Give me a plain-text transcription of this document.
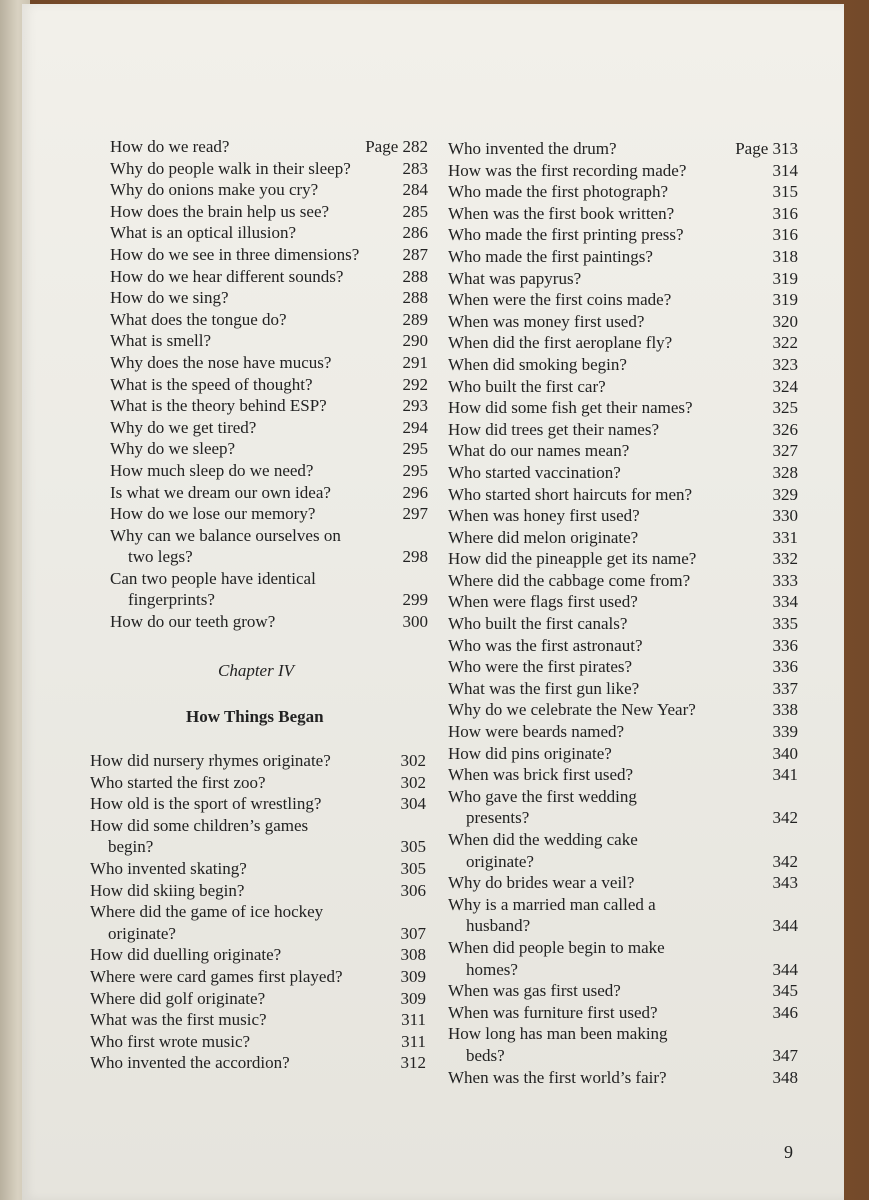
How do we read?	Page 282
Why do people walk in their sleep?	283
Why do onions make you cry?	284
How does the brain help us see?	285
What is an optical illusion?	286
How do we see in three dimensions?	287
How do we hear different sounds?	288
How do we sing?	288
What does the tongue do?	289
What is smell?	290
Why does the nose have mucus?	291
What is the speed of thought?	292
What is the theory behind ESP?	293
Why do we get tired?	294
Why do we sleep?	295
How much sleep do we need?	295
Is what we dream our own idea?	296
How do we lose our memory?	297
Why can we balance ourselves on
two legs?	298
Can two people have identical
fingerprints?	299
How do our teeth grow?	300
Chapter IV
How Things Began
How did nursery rhymes originate?	302
Who started the first zoo?	302
How old is the sport of wrestling?	304
How did some children’s games
begin?	305
Who invented skating?	305
How did skiing begin?	306
Where did the game of ice hockey
originate?	307
How did duelling originate?	308
Where were card games first played?	309
Where did golf originate?	309
What was the first music?	311
Who first wrote music?	311
Who invented the accordion?	312
Who invented the drum?	Page 313
How was the first recording made?	314
Who made the first photograph?	315
When was the first book written?	316
Who made the first printing press?	316
Who made the first paintings?	318
What was papyrus?	319
When were the first coins made?	319
When was money first used?	320
When did the first aeroplane fly?	322
When did smoking begin?	323
Who built the first car?	324
How did some fish get their names?	325
How did trees get their names?	326
What do our names mean?	327
Who started vaccination?	328
Who started short haircuts for men?	329
When was honey first used?	330
Where did melon originate?	331
How did the pineapple get its name?	332
Where did the cabbage come from?	333
When were flags first used?	334
Who built the first canals?	335
Who was the first astronaut?	336
Who were the first pirates?	336
What was the first gun like?	337
Why do we celebrate the New Year?	338
How were beards named?	339
How did pins originate?	340
When was brick first used?	341
Who gave the first wedding
presents?	342
When did the wedding cake
originate?	342
Why do brides wear a veil?	343
Why is a married man called a
husband?	344
When did people begin to make
homes?	344
When was gas first used?	345
When was furniture first used?	346
How long has man been making
beds?	347
When was the first world’s fair?	348
9
